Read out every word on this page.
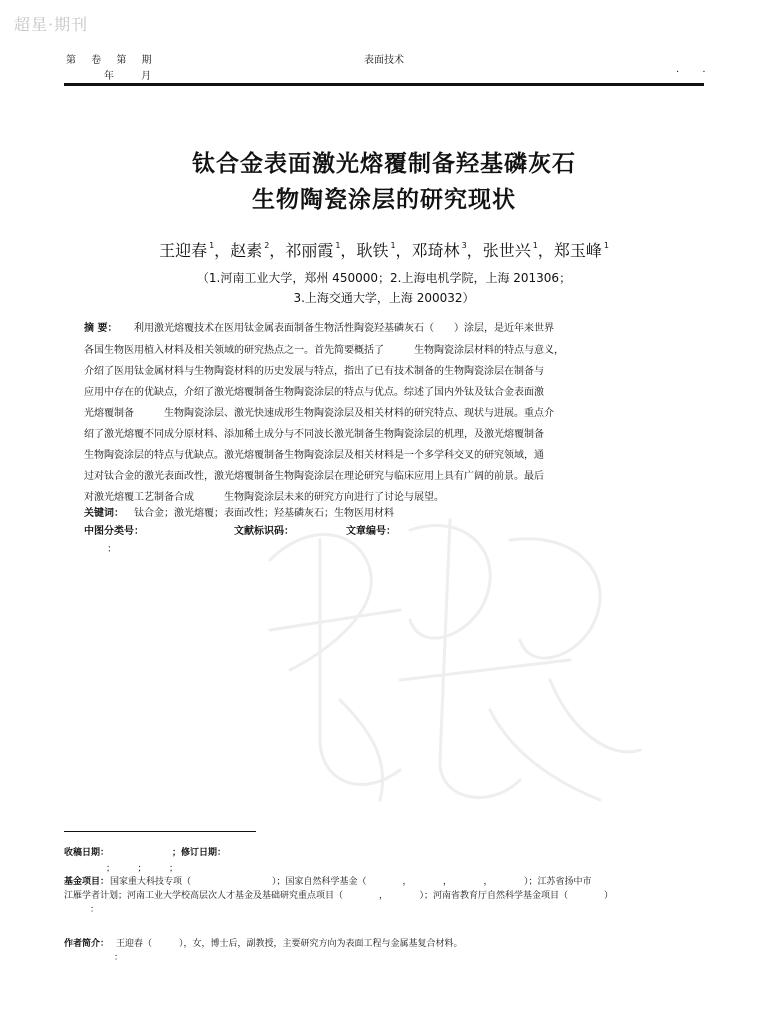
超星·期刊
第 卷 第 期
年 月
表面技术
· ·
钛合金表面激光熔覆制备羟基磷灰石
生物陶瓷涂层的研究现状
王迎春 $^1$，赵素 $^2$，祁丽霞 $^1$，耿铁 $^1$，邓琦林 $^3$，张世兴 $^1$，郑玉峰 $^1$
（1.河南工业大学，郑州 450000；2.上海电机学院，上海 201306；
3.上海交通大学，上海 200032）
摘 要： 利用激光熔覆技术在医用钛金属表面制备生物活性陶瓷羟基磷灰石（　　）涂层，是近年来世界
各国生物医用植入材料及相关领域的研究热点之一。首先简要概括了　　　生物陶瓷涂层材料的特点与意义，
介绍了医用钛金属材料与生物陶瓷材料的历史发展与特点，指出了已有技术制备的生物陶瓷涂层在制备与
应用中存在的优缺点，介绍了激光熔覆制备生物陶瓷涂层的特点与优点。综述了国内外钛及钛合金表面激
光熔覆制备　　　生物陶瓷涂层、激光快速成形生物陶瓷涂层及相关材料的研究特点、现状与进展。重点介
绍了激光熔覆不同成分原材料、添加稀土成分与不同波长激光制备生物陶瓷涂层的机理，及激光熔覆制备
生物陶瓷涂层的特点与优缺点。激光熔覆制备生物陶瓷涂层及相关材料是一个多学科交叉的研究领域，通
过对钛合金的激光表面改性，激光熔覆制备生物陶瓷涂层在理论研究与临床应用上具有广阔的前景。最后
对激光熔覆工艺制备合成　　　生物陶瓷涂层未来的研究方向进行了讨论与展望。
关键词： 钛合金；激光熔覆；表面改性；羟基磷灰石；生物医用材料
中图分类号：	文献标识码：	文章编号：
：
收稿日期：	；修订日期：
；　　　；　　　；
基金项目： 国家重大科技专项（　　　　　　　　　）；国家自然科学基金（　　　　，　　　　，　　　　，　　　　）；江苏省扬中市
江雁学者计划；河南工业大学校高层次人才基金及基础研究重点项目（　　　　，　　　　）；河南省教育厅自然科学基金项目（　　　　）
：
作者简介： 王迎春（　　　），女，博士后，副教授，主要研究方向为表面工程与金属基复合材料。
：
